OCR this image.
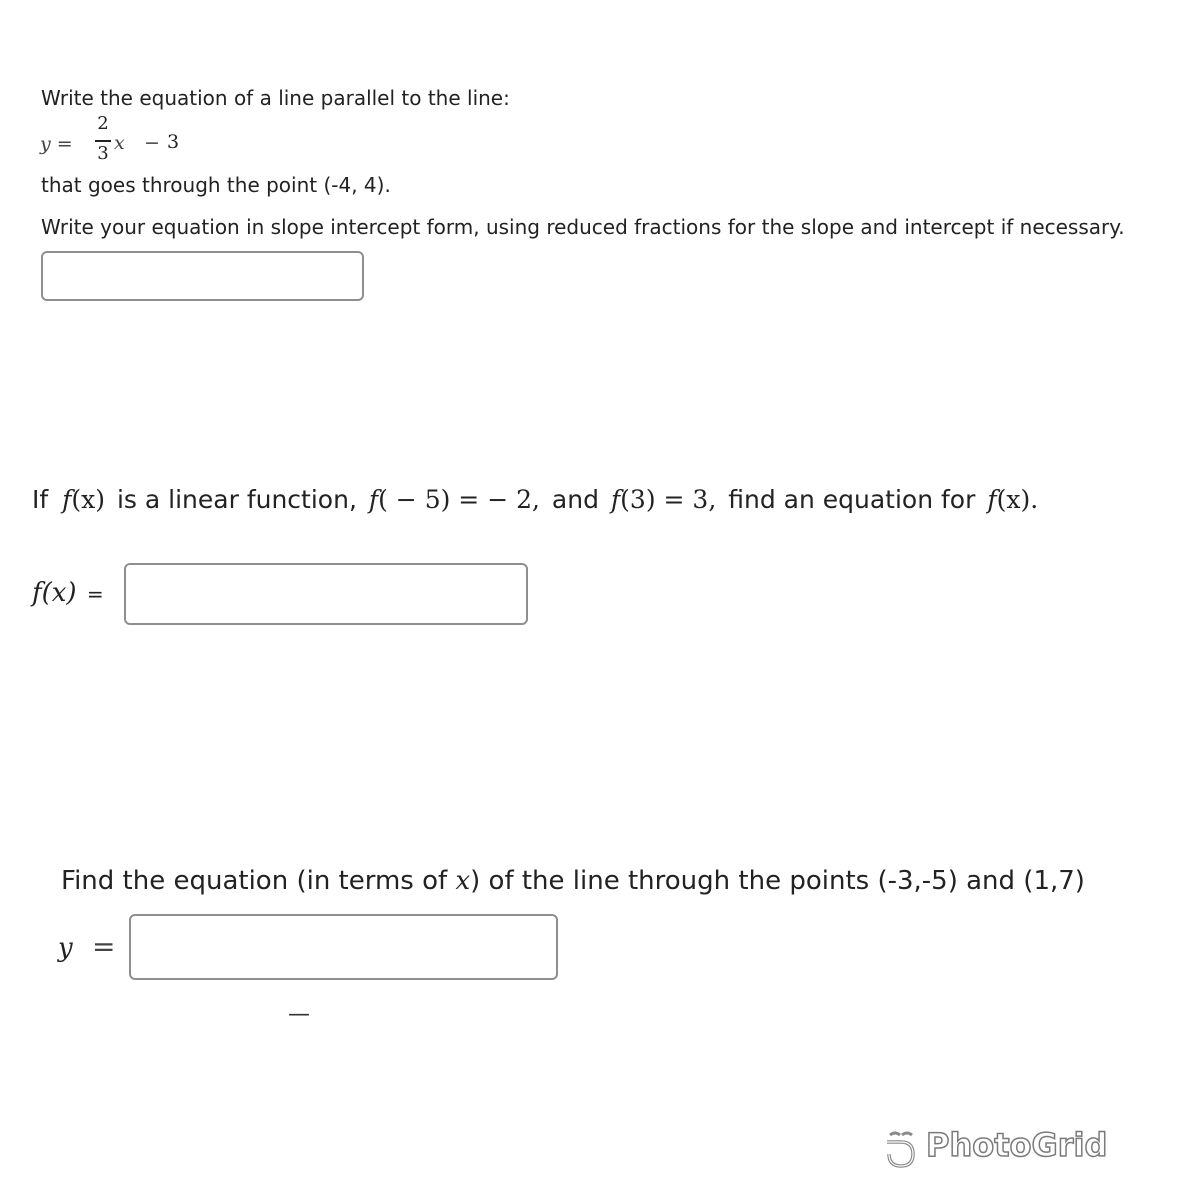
Write the equation of a line parallel to the line:
y =
2
3 x − 3
that goes through the point (-4, 4).
Write your equation in slope intercept form, using reduced fractions for the slope and intercept if necessary.
If f(x) is a linear function, f( − 5) = − 2, and f(3) = 3, find an equation for f(x).
f(x) =
Find the equation (in terms of x) of the line through the points (-3,-5) and (1,7)
y =
—
PhotoGrid
